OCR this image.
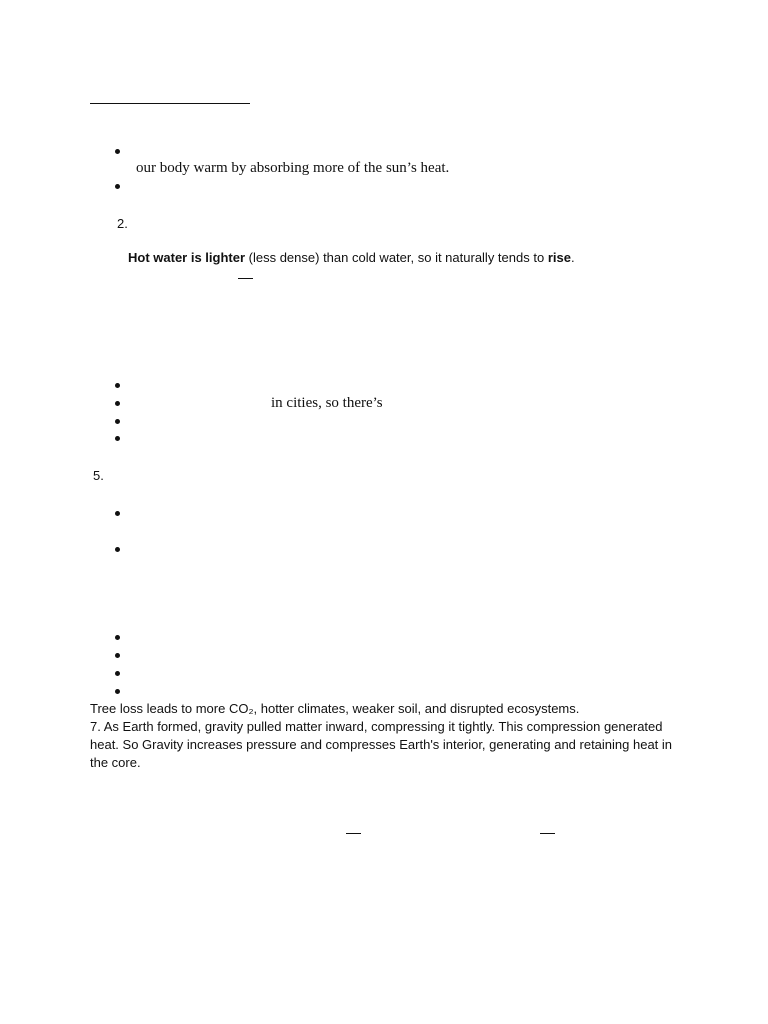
our body warm by absorbing more of the sun’s heat.
2.
Hot water is lighter (less dense) than cold water, so it naturally tends to rise.
in cities, so there’s
5.
Tree loss leads to more CO₂, hotter climates, weaker soil, and disrupted ecosystems.
7. As Earth formed, gravity pulled matter inward, compressing it tightly. This compression generated heat. So Gravity increases pressure and compresses Earth's interior, generating and retaining heat in the core.
